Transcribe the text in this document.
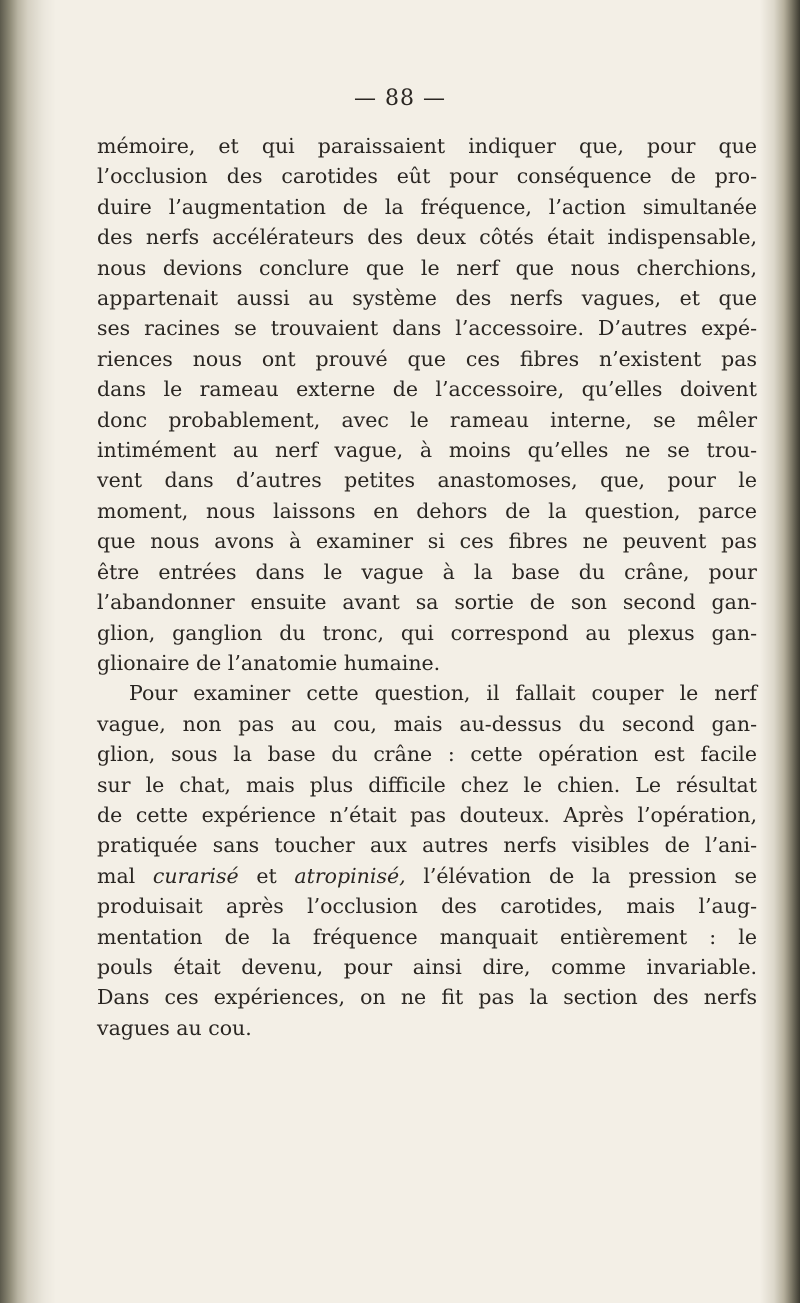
— 88 —
mémoire, et qui paraissaient indiquer que, pour que
l’occlusion des carotides eût pour conséquence de pro-
duire l’augmentation de la fréquence, l’action simultanée
des nerfs accélérateurs des deux côtés était indispensable,
nous devions conclure que le nerf que nous cherchions,
appartenait aussi au système des nerfs vagues, et que
ses racines se trouvaient dans l’accessoire. D’autres expé-
riences nous ont prouvé que ces fibres n’existent pas
dans le rameau externe de l’accessoire, qu’elles doivent
donc probablement, avec le rameau interne, se mêler
intimément au nerf vague, à moins qu’elles ne se trou-
vent dans d’autres petites anastomoses, que, pour le
moment, nous laissons en dehors de la question, parce
que nous avons à examiner si ces fibres ne peuvent pas
être entrées dans le vague à la base du crâne, pour
l’abandonner ensuite avant sa sortie de son second gan-
glion, ganglion du tronc, qui correspond au plexus gan-
glionaire de l’anatomie humaine.
Pour examiner cette question, il fallait couper le nerf
vague, non pas au cou, mais au-dessus du second gan-
glion, sous la base du crâne : cette opération est facile
sur le chat, mais plus difficile chez le chien. Le résultat
de cette expérience n’était pas douteux. Après l’opération,
pratiquée sans toucher aux autres nerfs visibles de l’ani-
mal curarisé et atropinisé, l’élévation de la pression se
produisait après l’occlusion des carotides, mais l’aug-
mentation de la fréquence manquait entièrement : le
pouls était devenu, pour ainsi dire, comme invariable.
Dans ces expériences, on ne fit pas la section des nerfs
vagues au cou.
